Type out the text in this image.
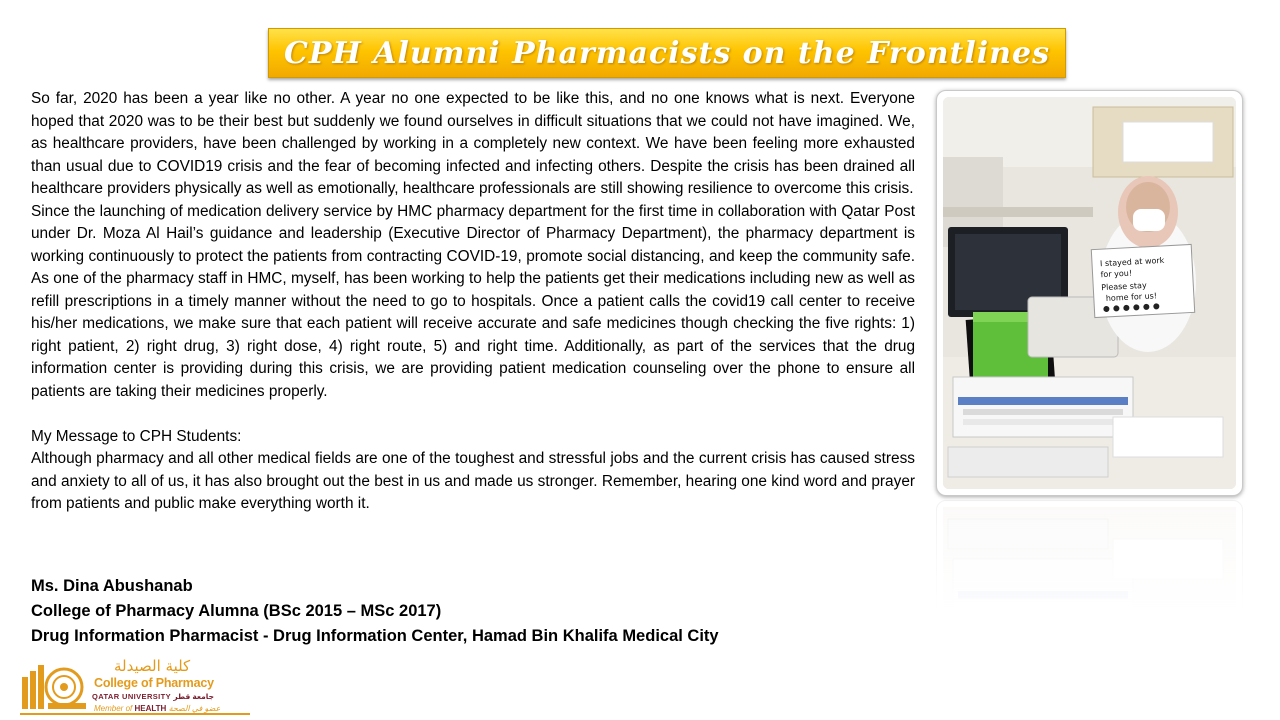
CPH Alumni Pharmacists on the Frontlines

So far, 2020 has been a year like no other. A year no one expected to be like this, and no one knows what is next. Everyone hoped that 2020 was to be their best but suddenly we found ourselves in difficult situations that we could not have imagined. We, as healthcare providers, have been challenged by working in a completely new context. We have been feeling more exhausted than usual due to COVID19 crisis and the fear of becoming infected and infecting others. Despite the crisis has been drained all healthcare providers physically as well as emotionally, healthcare professionals are still showing resilience to overcome this crisis.

Since the launching of medication delivery service by HMC pharmacy department for the first time in collaboration with Qatar Post under Dr. Moza Al Hail’s guidance and leadership (Executive Director of Pharmacy Department), the pharmacy department is working continuously to protect the patients from contracting COVID-19, promote social distancing, and keep the community safe. As one of the pharmacy staff in HMC, myself, has been working to help the patients get their medications including new as well as refill prescriptions in a timely manner without the need to go to hospitals. Once a patient calls the covid19 call center to receive his/her medications, we make sure that each patient will receive accurate and safe medicines though checking the five rights: 1) right patient, 2) right drug, 3) right dose, 4) right route, 5) and right time. Additionally, as part of the services that the drug information center is providing during this crisis, we are providing patient medication counseling over the phone to ensure all patients are taking their medicines properly.

My Message to CPH Students:

Although pharmacy and all other medical fields are one of the toughest and stressful jobs and the current crisis has caused stress and anxiety to all of us, it has also brought out the best in us and made us stronger. Remember, hearing one kind word and prayer from patients and public make everything worth it.

Ms. Dina Abushanab
College of Pharmacy Alumna (BSc 2015 – MSc 2017)
Drug Information Pharmacist - Drug Information Center, Hamad Bin Khalifa Medical City
I stayed at work
for you!
Please stay
home for us!
كلية الصيدلة
College of Pharmacy
QATAR UNIVERSITY جامعة قطر
Member of HEALTH عضو في الصحة
